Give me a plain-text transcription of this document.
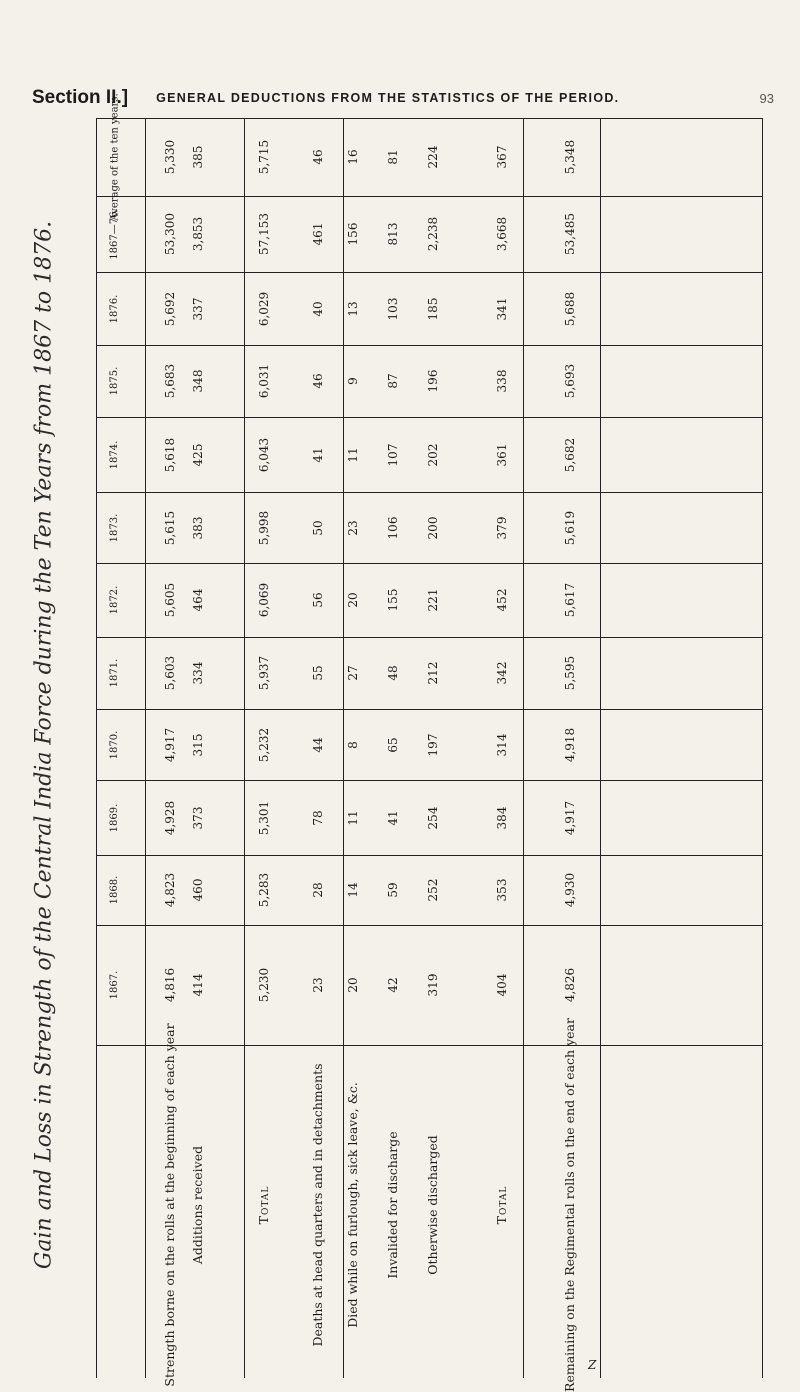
Section II.] GENERAL DEDUCTIONS FROM THE STATISTICS OF THE PERIOD.	93
Gain and Loss in Strength of the Central India Force during the Ten Years from 1867 to 1876.	1867.	4,816 414	5,230	23 20 42 319	404	4,826
1868.	4,823 460	5,283	28 14 59 252	353	4,930
1869.	4,928 373	5,301	78 11 41 254	384	4,917
1870.	4,917 315	5,232	44 8 65 197	314	4,918
1871.	5,603 334	5,937	55 27 48 212	342	5,595
1872.	5,605 464	6,069	56 20 155 221	452	5,617
1873.	5,615 383	5,998	50 23 106 200	379	5,619
1874.	5,618 425	6,043	41 11 107 202	361	5,682
1875.	5,683 348	6,031	46 9 87 196	338	5,693
1876.	5,692 337	6,029	40 13 103 185	341	5,688
1867—76.	53,300 3,853	57,153	461 156 813 2,238	3,668	53,485
Average of the ten years.	5,330 385	5,715	46 16 81 224	367	5,348
Strength borne on the rolls at the beginning of each year Additions received	Total	Deaths at head quarters and in detachments Died while on furlough, sick leave, &c. Invalided for discharge Otherwise discharged	Total	Remaining on the Regimental rolls on the end of each year Z
